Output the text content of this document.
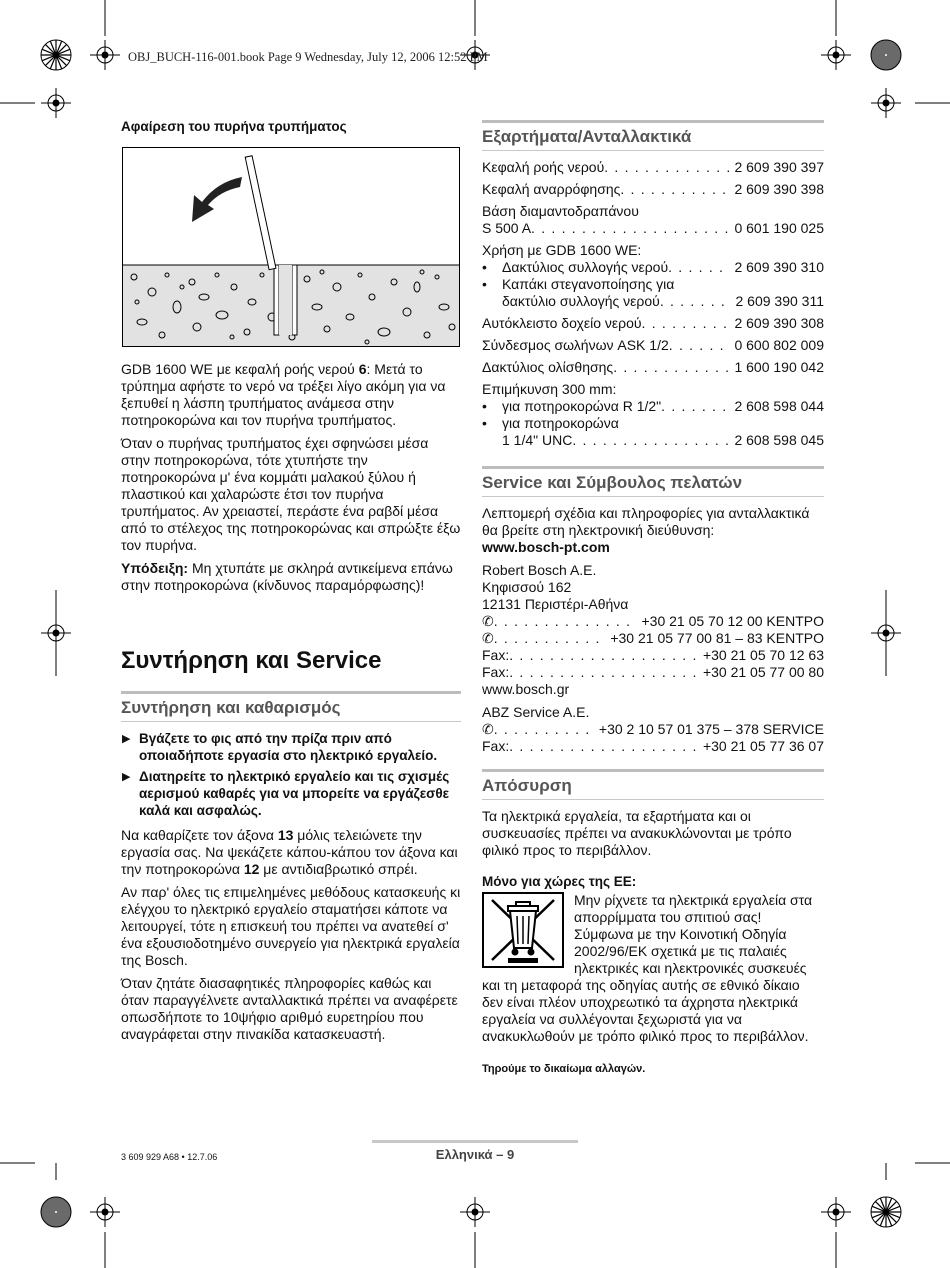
OBJ_BUCH-116-001.book Page 9 Wednesday, July 12, 2006 12:52 PM

Αφαίρεση του πυρήνα τρυπήματος

GDB 1600 WE με κεφαλή ροής νερού 6: Μετά το τρύπημα αφήστε το νερό να τρέξει λίγο ακόμη για να ξεπυθεί η λάσπη τρυπήματος ανάμεσα στην ποτηροκορώνα και τον πυρήνα τρυπήματος.

Όταν ο πυρήνας τρυπήματος έχει σφηνώσει μέσα στην ποτηροκορώνα, τότε χτυπήστε την ποτηροκορώνα μ' ένα κομμάτι μαλακού ξύλου ή πλαστικού και χαλαρώστε έτσι τον πυρήνα τρυπήματος. Αν χρειαστεί, περάστε ένα ραβδί μέσα από το στέλεχος της ποτηροκορώνας και σπρώξτε έξω τον πυρήνα.

Υπόδειξη: Μη χτυπάτε με σκληρά αντικείμενα επάνω στην ποτηροκορώνα (κίνδυνος παραμόρφωσης)!

Συντήρηση και Service

Συντήρηση και καθαρισμός
▶ Βγάζετε το φις από την πρίζα πριν από οποιαδήποτε εργασία στο ηλεκτρικό εργαλείο.
▶ Διατηρείτε το ηλεκτρικό εργαλείο και τις σχισμές αερισμού καθαρές για να μπορείτε να εργάζεσθε καλά και ασφαλώς.

Να καθαρίζετε τον άξονα 13 μόλις τελειώνετε την εργασία σας. Να ψεκάζετε κάπου-κάπου τον άξονα και την ποτηροκορώνα 12 με αντιδιαβρωτικό σπρέι.

Αν παρ' όλες τις επιμελημένες μεθόδους κατασκευής κι ελέγχου το ηλεκτρικό εργαλείο σταματήσει κάποτε να λειτουργεί, τότε η επισκευή του πρέπει να ανατεθεί σ' ένα εξουσιοδοτημένο συνεργείο για ηλεκτρικά εργαλεία της Bosch.

Όταν ζητάτε διασαφητικές πληροφορίες καθώς και όταν παραγγέλνετε ανταλλακτικά πρέπει να αναφέρετε οπωσδήποτε το 10ψήφιο αριθμό ευρετηρίου που αναγράφεται στην πινακίδα κατασκευαστή.

Εξαρτήματα/Ανταλλακτικά
Κεφαλή ροής νερού . . .	2 609 390 397
Κεφαλή αναρρόφησης . . .	2 609 390 398
Βάση διαμαντοδραπάνου
S 500 A . . .	0 601 190 025
Χρήση με GDB 1600 WE:
• Δακτύλιος συλλογής νερού . . .	2 609 390 310
• Καπάκι στεγανοποίησης για
δακτύλιο συλλογής νερού . . .	2 609 390 311
Αυτόκλειστο δοχείο νερού . . .	2 609 390 308
Σύνδεσμος σωλήνων ASK 1/2 . . .	0 600 802 009
Δακτύλιος ολίσθησης . . .	1 600 190 042
Επιμήκυνση 300 mm:
• για ποτηροκορώνα R 1/2" . . .	2 608 598 044
• για ποτηροκορώνα
1 1/4" UNC . . .	2 608 598 045
Service και Σύμβουλος πελατών

Λεπτομερή σχέδια και πληροφορίες για ανταλλακτικά θα βρείτε στη ηλεκτρονική διεύθυνση:
www.bosch-pt.com

Robert Bosch A.E.
Κηφισσού 162
12131 Περιστέρι-Αθήνα
✆ . . .	+30 21 05 70 12 00 ΚΕΝΤΡΟ
✆ . . .	+30 21 05 77 00 81 – 83 ΚΕΝΤΡΟ
Fax: . . .	+30 21 05 70 12 63
Fax: . . .	+30 21 05 77 00 80
www.bosch.gr
ABZ Service A.E.
✆ . . .	+30 2 10 57 01 375 – 378 SERVICE
Fax: . . .	+30 21 05 77 36 07
Απόσυρση

Τα ηλεκτρικά εργαλεία, τα εξαρτήματα και οι συσκευασίες πρέπει να ανακυκλώνονται με τρόπο φιλικό προς το περιβάλλον.

Μόνο για χώρες της ΕΕ:

Μην ρίχνετε τα ηλεκτρικά εργαλεία στα απορρίμματα του σπιτιού σας!

Σύμφωνα με την Κοινοτική Οδηγία 2002/96/ΕΚ σχετικά με τις παλαιές ηλεκτρικές και ηλεκτρονικές συσκευές και τη μεταφορά της οδηγίας αυτής σε εθνικό δίκαιο δεν είναι πλέον υποχρεωτικό τα άχρηστα ηλεκτρικά εργαλεία να συλλέγονται ξεχωριστά για να ανακυκλωθούν με τρόπο φιλικό προς το περιβάλλον.

Τηρούμε το δικαίωμα αλλαγών.

3 609 929 A68 • 12.7.06	Ελληνικά – 9
